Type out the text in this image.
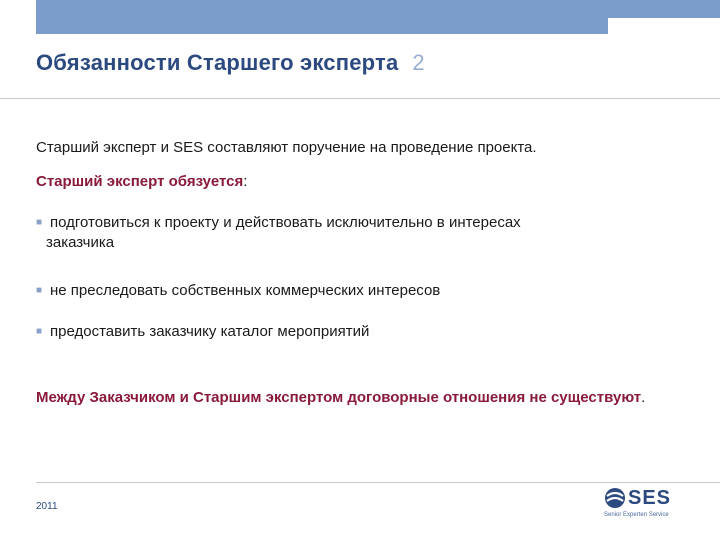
Обязанности Старшего эксперта 2
Старший эксперт и SES составляют поручение на проведение проекта.
Старший эксперт обязуется:
■ подготовиться к проекту и действовать исключительно в интересах
заказчика
■ не преследовать собственных коммерческих интересов
■ предоставить заказчику каталог мероприятий
Между Заказчиком и Старшим экспертом договорные отношения не существуют.
2011	SES
Senior Experten Service
